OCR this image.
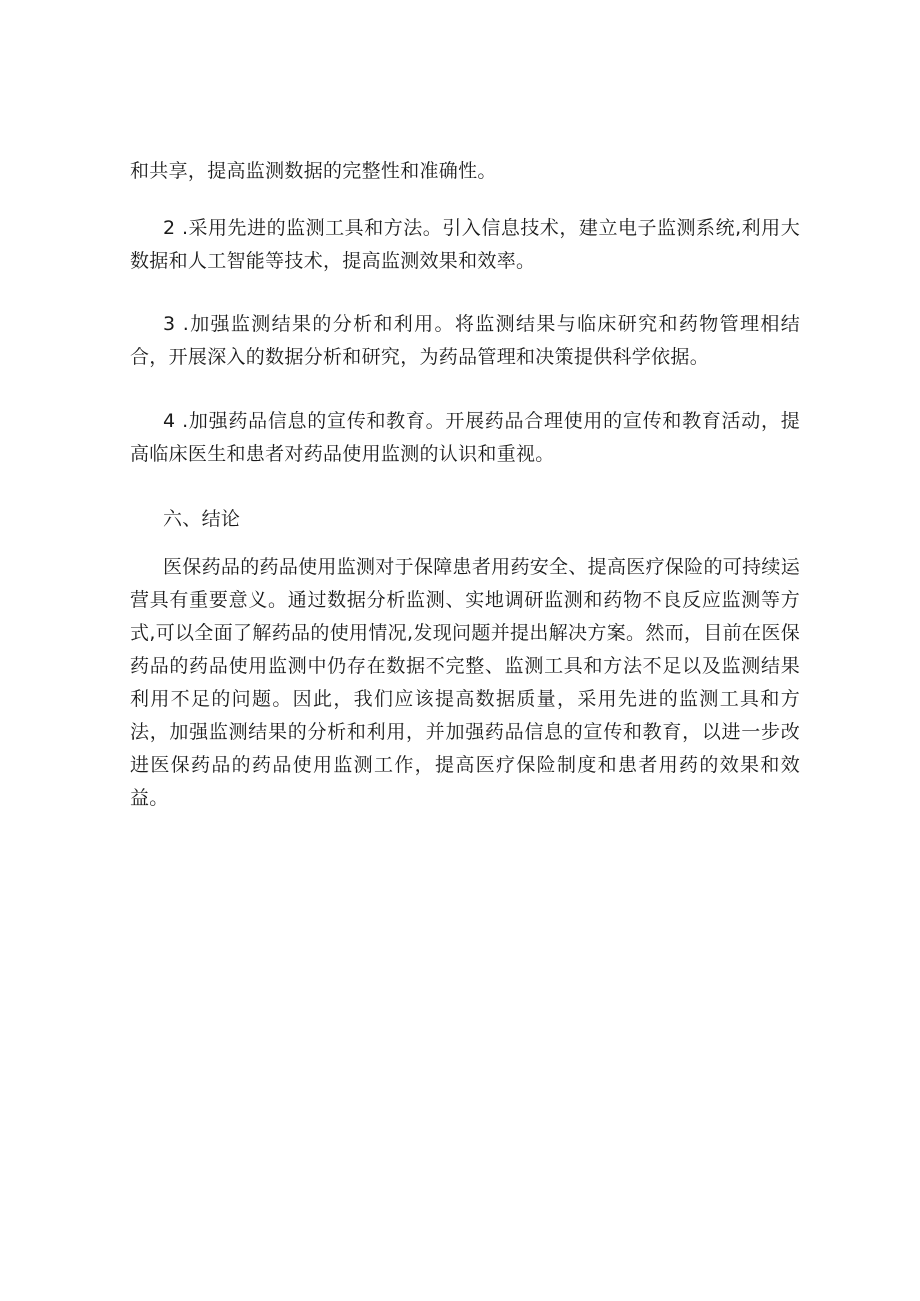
和共享，提高监测数据的完整性和准确性。

2 .采用先进的监测工具和方法。引入信息技术，建立电子监测系统,利用大数据和人工智能等技术，提高监测效果和效率。

3 .加强监测结果的分析和利用。将监测结果与临床研究和药物管理相结合，开展深入的数据分析和研究，为药品管理和决策提供科学依据。

4 .加强药品信息的宣传和教育。开展药品合理使用的宣传和教育活动，提高临床医生和患者对药品使用监测的认识和重视。

六、结论

医保药品的药品使用监测对于保障患者用药安全、提高医疗保险的可持续运营具有重要意义。通过数据分析监测、实地调研监测和药物不良反应监测等方式,可以全面了解药品的使用情况,发现问题并提出解决方案。然而，目前在医保药品的药品使用监测中仍存在数据不完整、监测工具和方法不足以及监测结果利用不足的问题。因此，我们应该提高数据质量，采用先进的监测工具和方法，加强监测结果的分析和利用，并加强药品信息的宣传和教育，以进一步改进医保药品的药品使用监测工作，提高医疗保险制度和患者用药的效果和效益。
